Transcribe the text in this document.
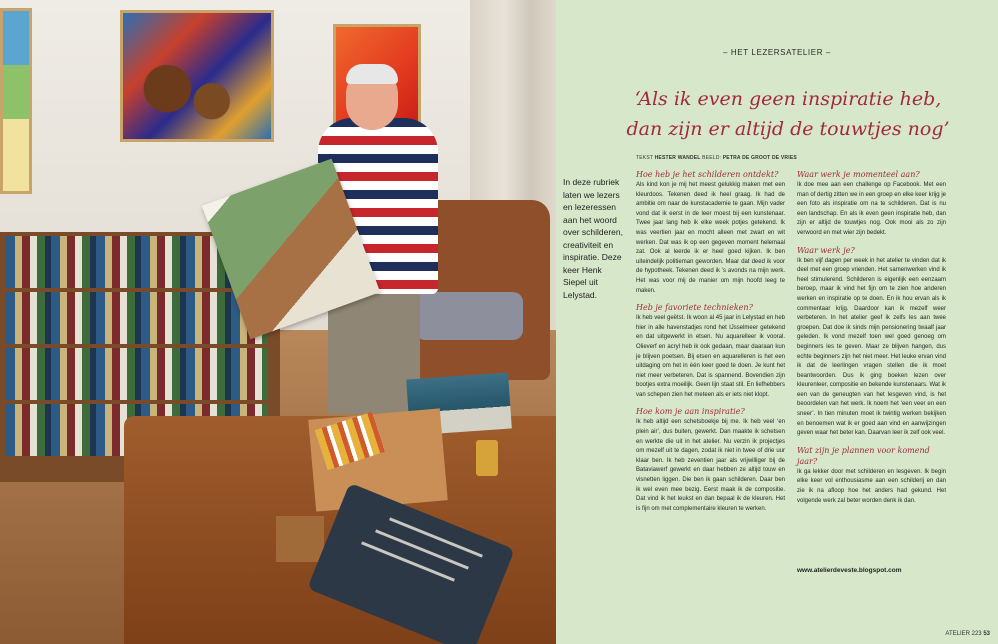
– HET LEZERSATELIER –
‘Als ik even geen inspiratie heb,
dan zijn er altijd de touwtjes nog’
TEKST HESTER WANDEL BEELD: PETRA DE GROOT DE VRIES
In deze rubriek laten we lezers en lezeressen aan het woord over schilderen, creativiteit en inspiratie. Deze keer Henk Siepel uit Lelystad.
Hoe heb je het schilderen ontdekt?
Als kind kon je mij het meest gelukkig maken met een kleurdoos. Tekenen deed ik heel graag. Ik had de ambitie om naar de kunstacademie te gaan. Mijn vader vond dat ik eerst in de leer moest bij een kunstenaar. Twee jaar lang heb ik elke week potjes getekend. Ik was veertien jaar en mocht alleen met zwart en wit werken. Dat was ik op een gegeven moment helemaal zat. Ook al leerde ik er heel goed kijken. Ik ben uiteindelijk politieman geworden. Maar dat deed ik voor de hypotheek. Tekenen deed ik ’s avonds na mijn werk. Het was voor mij de manier om mijn hoofd leeg te maken.
Heb je favoriete technieken?
Ik heb veel geëtst. Ik woon al 45 jaar in Lelystad en heb hier in alle havenstadjes rond het IJsselmeer getekend en dat uitgewerkt in etsen. Nu aquarelleer ik vooral. Olieverf en acryl heb ik ook gedaan, maar daaraan kun je blijven poetsen. Bij etsen en aquarelleren is het een uitdaging om het in één keer goed te doen. Je kunt het niet meer verbeteren. Dat is spannend. Bovendien zijn bootjes extra moeilijk. Geen lijn staat stil. En liefhebbers van schepen zien het meteen als er iets niet klopt.
Hoe kom je aan inspiratie?
Ik heb altijd een schetsboekje bij me. Ik heb veel ‘en plein air’, dus buiten, gewerkt. Dan maakte ik schetsen en werkte die uit in het atelier. Nu verzin ik projectjes om mezelf uit te dagen, zodat ik niet in twee of drie uur klaar ben. Ik heb zeventien jaar als vrijwilliger bij de Bataviawerf gewerkt en daar hebben ze altijd touw en visnetten liggen. Die ben ik gaan schilderen. Daar ben ik wel even mee bezig. Eerst maak ik de compositie. Dat vind ik het leukst en dan bepaal ik de kleuren. Het is fijn om met complementaire kleuren te werken.
Waar werk je momenteel aan?
Ik doe mee aan een challenge op Facebook. Met een man of dertig zitten we in een groep en elke keer krijg je een foto als inspiratie om na te schilderen. Dat is nu een landschap. En als ik even geen inspiratie heb, dan zijn er altijd de touwtjes nog. Ook mooi als zo zijn verwoord en met wier zijn bedekt.
Waar werk je?
Ik ben vijf dagen per week in het atelier te vinden dat ik deel met een groep vrienden. Het samenwerken vind ik heel stimulerend. Schilderen is eigenlijk een eenzaam beroep, maar ik vind het fijn om te zien hoe anderen werken en inspiratie op te doen. En ik hou ervan als ik commentaar krijg. Daardoor kan ik mezelf weer verbeteren. In het atelier geef ik zelfs les aan twee groepen. Dat doe ik sinds mijn pensionering twaalf jaar geleden. Ik vond mezelf toen wel goed genoeg om beginners les te geven. Maar ze blijven hangen, dus echte beginners zijn het niet meer. Het leuke ervan vind ik dat de leerlingen vragen stellen die ik moet beantwoorden. Dus ik ging boeken lezen over kleurenleer, compositie en bekende kunstenaars. Wat ik een van de geneugten van het lesgeven vind, is het beoordelen van het werk. Ik noem het ‘een veer en een sneer’. In tien minuten moet ik twintig werken bekijken en benoemen wat ik er goed aan vind en aanwijzingen geven waar het beter kan. Daarvan leer ik zelf ook veel.
Wat zijn je plannen voor komend jaar?
Ik ga lekker door met schilderen en lesgeven. Ik begin elke keer vol enthousiasme aan een schilderij en dan zie ik na afloop hoe het anders had gekund. Het volgende werk zal beter worden denk ik dan.
www.atelierdeveste.blogspot.com
ATELIER 223 53
